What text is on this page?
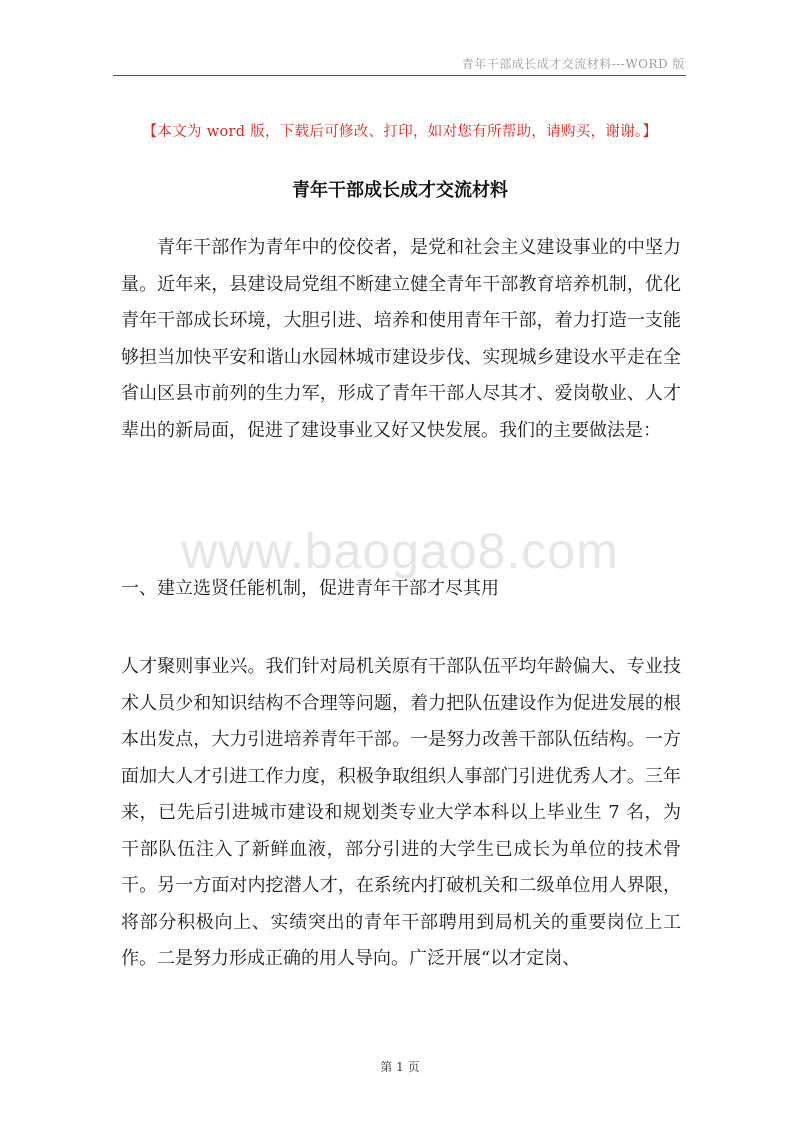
青年干部成长成才交流材料---WORD 版
【本文为 word 版，下载后可修改、打印，如对您有所帮助，请购买，谢谢。】
青年干部成长成才交流材料
青年干部作为青年中的佼佼者，是党和社会主义建设事业的中坚力量。近年来，县建设局党组不断建立健全青年干部教育培养机制，优化青年干部成长环境，大胆引进、培养和使用青年干部，着力打造一支能够担当加快平安和谐山水园林城市建设步伐、实现城乡建设水平走在全省山区县市前列的生力军，形成了青年干部人尽其才、爱岗敬业、人才辈出的新局面，促进了建设事业又好又快发展。我们的主要做法是：
www.baogao8.com
一、建立选贤任能机制，促进青年干部才尽其用
人才聚则事业兴。我们针对局机关原有干部队伍平均年龄偏大、专业技术人员少和知识结构不合理等问题，着力把队伍建设作为促进发展的根本出发点，大力引进培养青年干部。一是努力改善干部队伍结构。一方面加大人才引进工作力度，积极争取组织人事部门引进优秀人才。三年来，已先后引进城市建设和规划类专业大学本科以上毕业生 7 名，为干部队伍注入了新鲜血液，部分引进的大学生已成长为单位的技术骨干。另一方面对内挖潜人才，在系统内打破机关和二级单位用人界限，将部分积极向上、实绩突出的青年干部聘用到局机关的重要岗位上工作。二是努力形成正确的用人导向。广泛开展“以才定岗、
第 1 页
